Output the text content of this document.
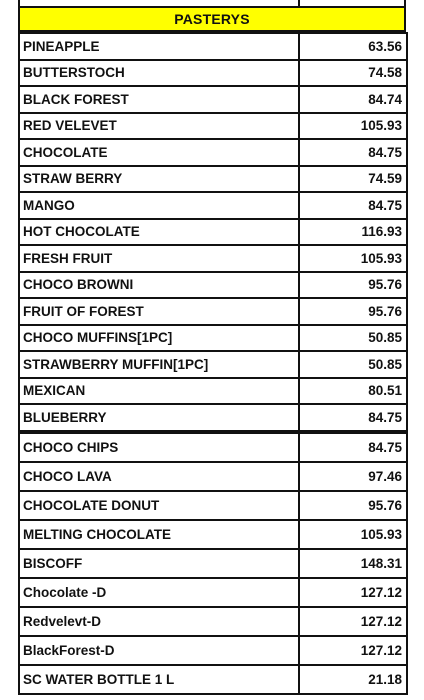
PASTERYS
PINEAPPLE	63.56
BUTTERSTOCH	74.58
BLACK FOREST	84.74
RED VELEVET	105.93
CHOCOLATE	84.75
STRAW BERRY	74.59
MANGO	84.75
HOT CHOCOLATE	116.93
FRESH FRUIT	105.93
CHOCO BROWNI	95.76
FRUIT OF FOREST	95.76
CHOCO MUFFINS[1PC]	50.85
STRAWBERRY MUFFIN[1PC]	50.85
MEXICAN	80.51
BLUEBERRY	84.75
CHOCO CHIPS	84.75
CHOCO LAVA	97.46
CHOCOLATE DONUT	95.76
MELTING CHOCOLATE	105.93
BISCOFF	148.31
Chocolate -D	127.12
Redvelevt-D	127.12
BlackForest-D	127.12
SC WATER BOTTLE 1 L	21.18
